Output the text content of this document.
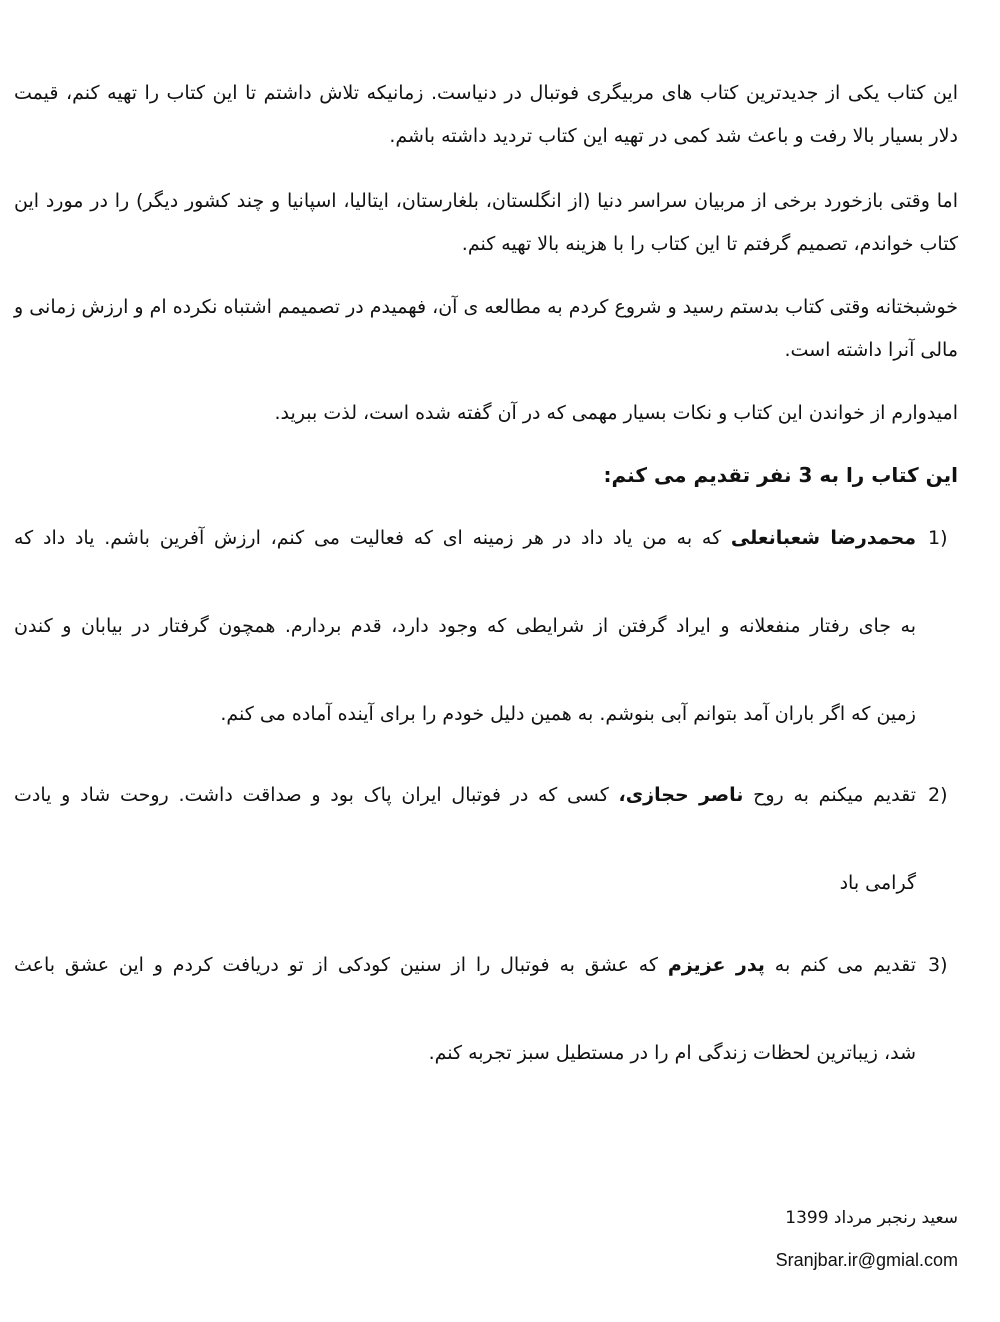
این کتاب یکی از جدیدترین کتاب های مربیگری فوتبال در دنیاست. زمانیکه تلاش داشتم تا این کتاب را تهیه کنم، قیمت دلار بسیار بالا رفت و باعث شد کمی در تهیه این کتاب تردید داشته باشم.

اما وقتی بازخورد برخی از مربیان سراسر دنیا (از انگلستان، بلغارستان، ایتالیا، اسپانیا و چند کشور دیگر) را در مورد این کتاب خواندم، تصمیم گرفتم تا این کتاب را با هزینه بالا تهیه کنم.

خوشبختانه وقتی کتاب بدستم رسید و شروع کردم به مطالعه ی آن، فهمیدم در تصمیمم اشتباه نکرده ام و ارزش زمانی و مالی آنرا داشته است.

امیدوارم از خواندن این کتاب و نکات بسیار مهمی که در آن گفته شده است، لذت ببرید.

این کتاب را به 3 نفر تقدیم می کنم:
1)
محمدرضا شعبانعلی که به من یاد داد در هر زمینه ای که فعالیت می کنم، ارزش آفرین باشم. یاد داد که
به جای رفتار منفعلانه و ایراد گرفتن از شرایطی که وجود دارد، قدم بردارم. همچون گرفتار در بیابان و کندن
زمین که اگر باران آمد بتوانم آبی بنوشم. به همین دلیل خودم را برای آینده آماده می کنم.
2)
تقدیم میکنم به روح ناصر حجازی، کسی که در فوتبال ایران پاک بود و صداقت داشت. روحت شاد و یادت
گرامی باد
3)
تقدیم می کنم به پدر عزیزم که عشق به فوتبال را از سنین کودکی از تو دریافت کردم و این عشق باعث
شد، زیباترین لحظات زندگی ام را در مستطیل سبز تجربه کنم.
سعید رنجبر مرداد 1399
Sranjbar.ir@gmial.com
